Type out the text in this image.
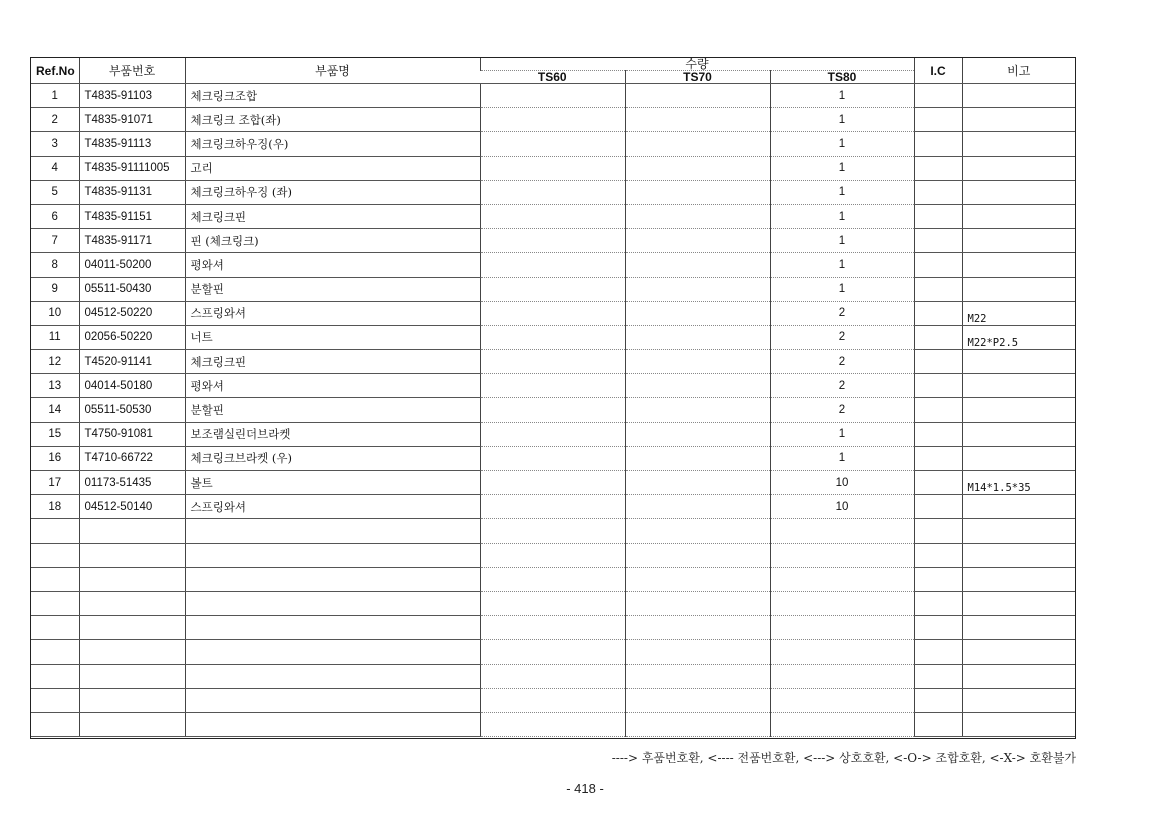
Ref.No	부품번호	부품명	수량			I.C	비고
			TS60	TS70	TS80		
1	T4835-91103	체크링크조합			1		
2	T4835-91071	체크링크 조합(좌)			1		
3	T4835-91113	체크링크하우징(우)			1		
4	T4835-91111005	고리			1		
5	T4835-91131	체크링크하우징 (좌)			1		
6	T4835-91151	체크링크핀			1		
7	T4835-91171	핀 (체크링크)			1		
8	04011-50200	평와셔			1		
9	05511-50430	분할핀			1		
10	04512-50220	스프링와셔			2		M22
11	02056-50220	너트			2		M22*P2.5
12	T4520-91141	체크링크핀			2		
13	04014-50180	평와셔			2		
14	05511-50530	분할핀			2		
15	T4750-91081	보조램실린더브라켓			1		
16	T4710-66722	체크링크브라켓 (우)			1		
17	01173-51435	볼트			10		M14*1.5*35
18	04512-50140	스프링와셔			10		

----> 후품번호환, <---- 전품번호환, <---> 상호호환, <-O-> 조합호환, <-X-> 호환불가
- 418 -
